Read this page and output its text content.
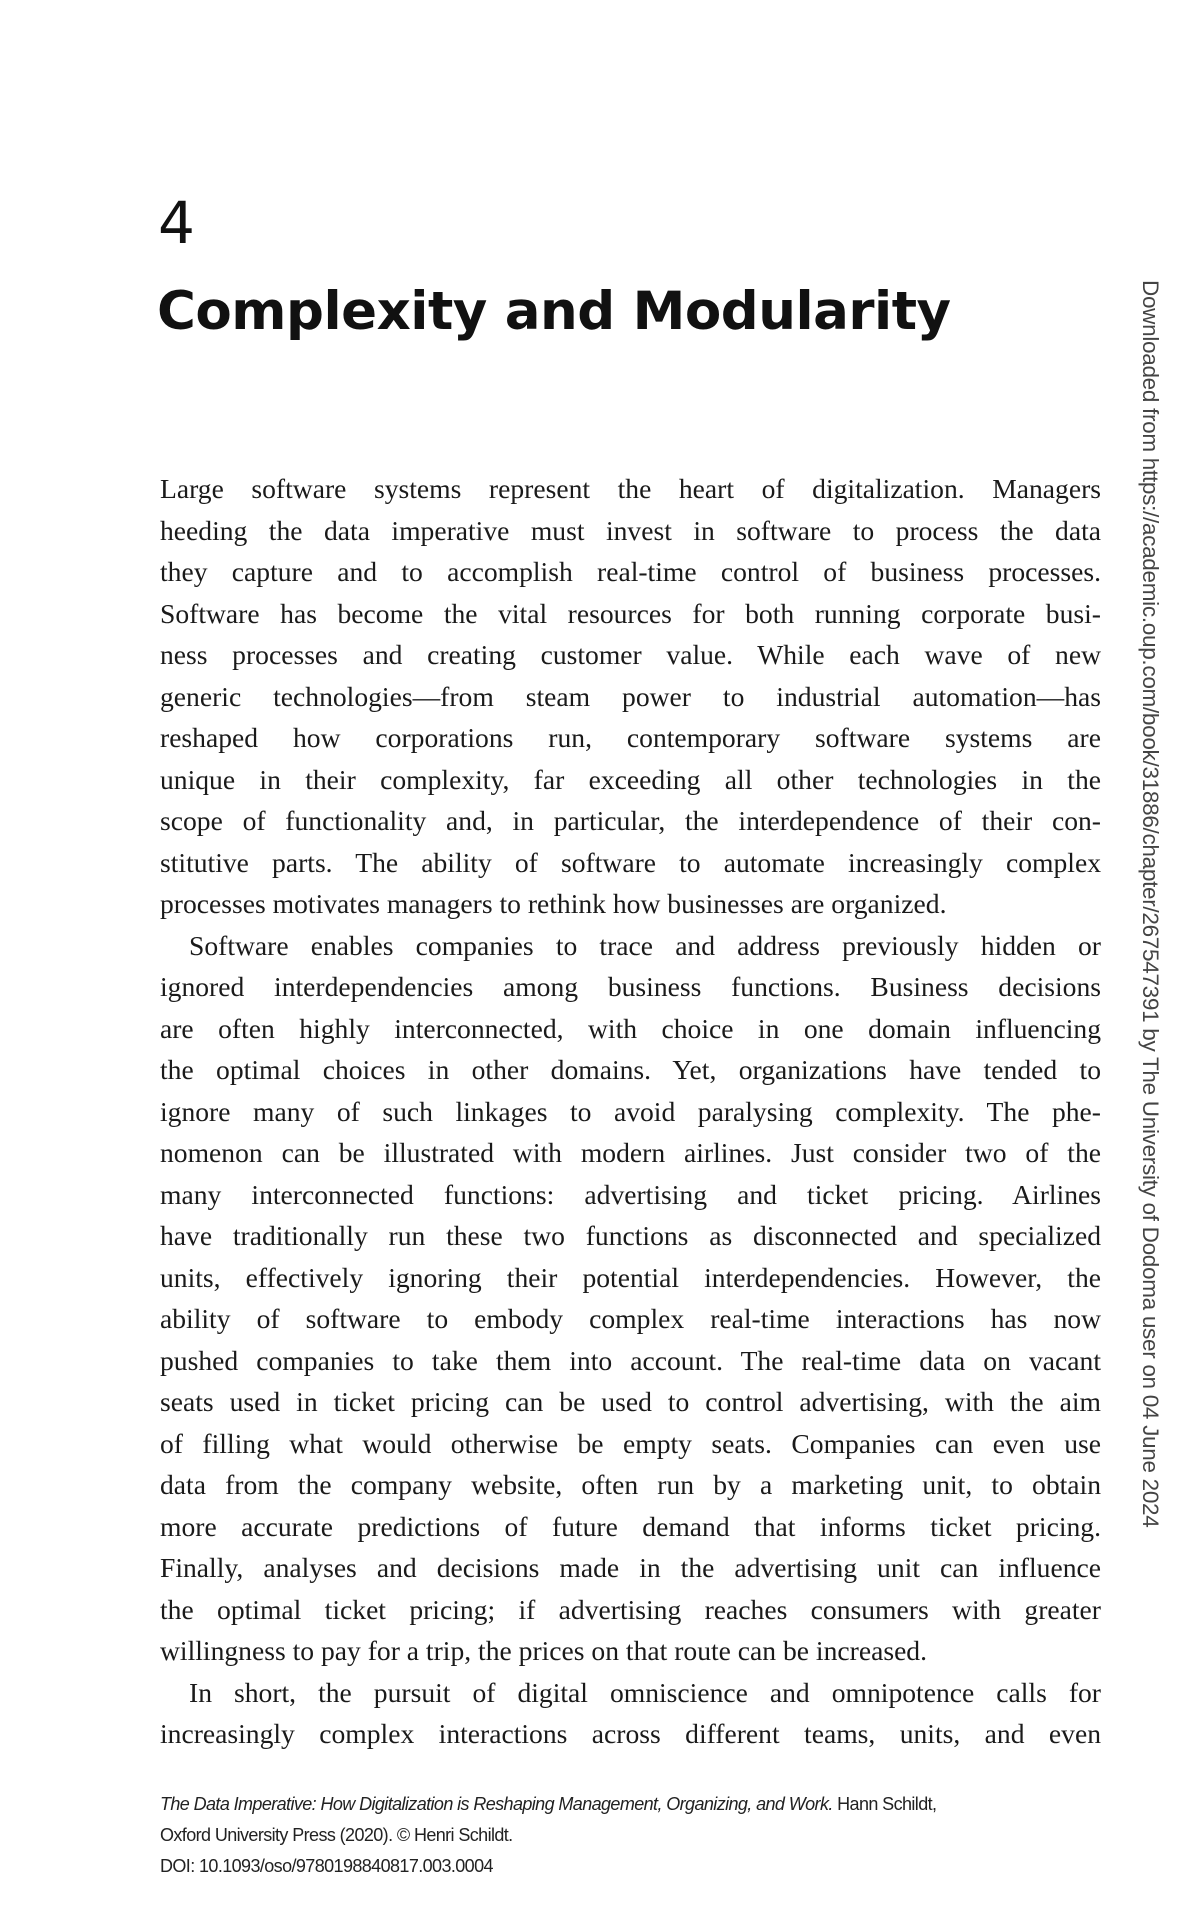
4
Complexity and Modularity
Large software systems represent the heart of digitalization. Managers
heeding the data imperative must invest in software to process the data
they capture and to accomplish real-time control of business processes.
Software has become the vital resources for both running corporate busi-
ness processes and creating customer value. While each wave of new
generic technologies—from steam power to industrial automation—has
reshaped how corporations run, contemporary software systems are
unique in their complexity, far exceeding all other technologies in the
scope of functionality and, in particular, the interdependence of their con-
stitutive parts. The ability of software to automate increasingly complex
processes motivates managers to rethink how businesses are organized.
Software enables companies to trace and address previously hidden or
ignored interdependencies among business functions. Business decisions
are often highly interconnected, with choice in one domain influencing
the optimal choices in other domains. Yet, organizations have tended to
ignore many of such linkages to avoid paralysing complexity. The phe-
nomenon can be illustrated with modern airlines. Just consider two of the
many interconnected functions: advertising and ticket pricing. Airlines
have traditionally run these two functions as disconnected and specialized
units, effectively ignoring their potential interdependencies. However, the
ability of software to embody complex real-time interactions has now
pushed companies to take them into account. The real-time data on vacant
seats used in ticket pricing can be used to control advertising, with the aim
of filling what would otherwise be empty seats. Companies can even use
data from the company website, often run by a marketing unit, to obtain
more accurate predictions of future demand that informs ticket pricing.
Finally, analyses and decisions made in the advertising unit can influence
the optimal ticket pricing; if advertising reaches consumers with greater
willingness to pay for a trip, the prices on that route can be increased.
In short, the pursuit of digital omniscience and omnipotence calls for
increasingly complex interactions across different teams, units, and even
The Data Imperative: How Digitalization is Reshaping Management, Organizing, and Work. Hann Schildt,
Oxford University Press (2020). © Henri Schildt.
DOI: 10.1093/oso/9780198840817.003.0004
Downloaded from https://academic.oup.com/book/31886/chapter/267547391 by The University of Dodoma user on 04 June 2024
